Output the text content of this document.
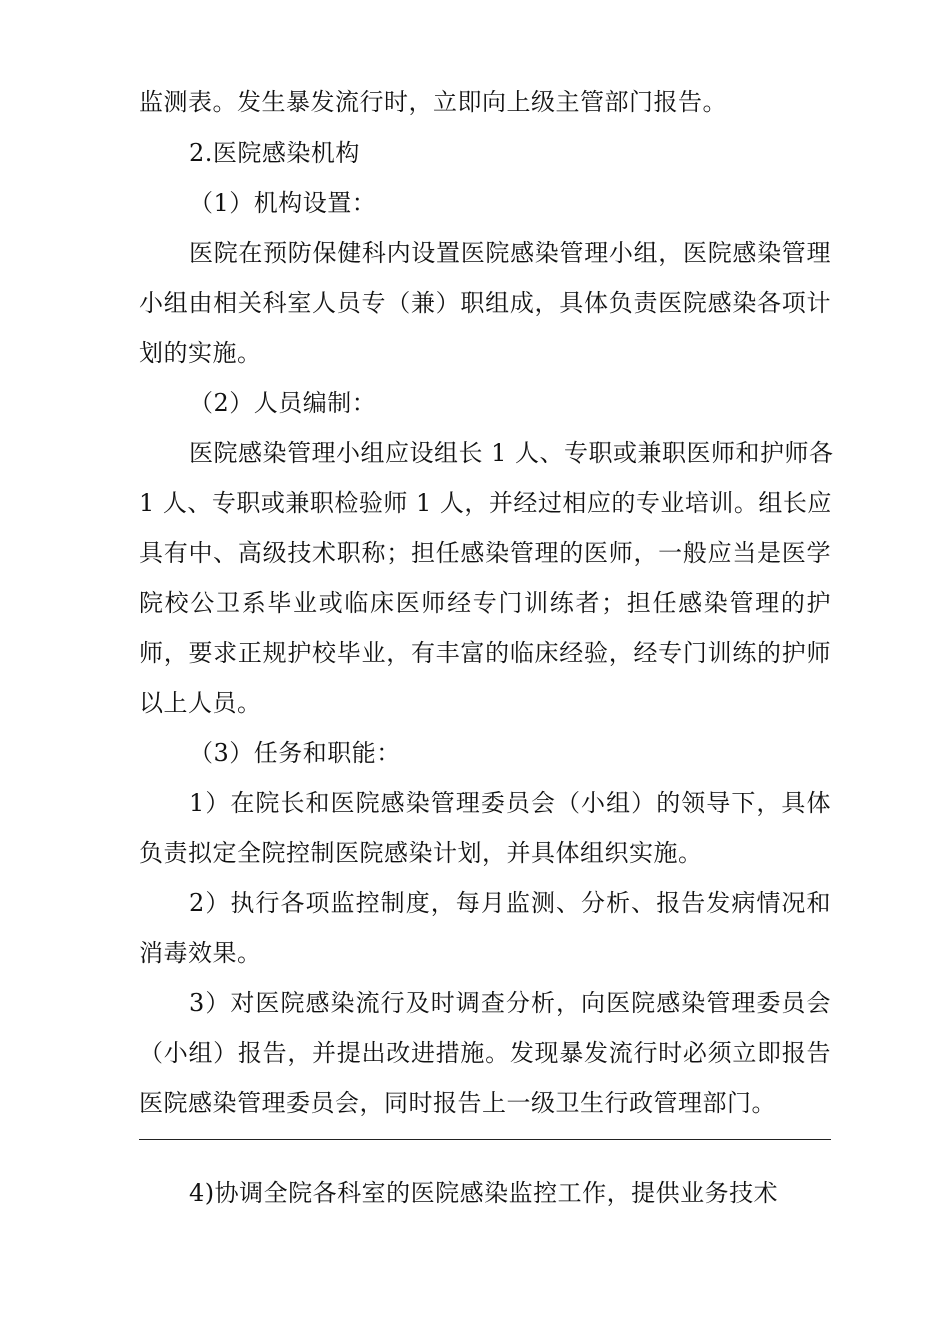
监测表。发生暴发流行时，立即向上级主管部门报告。
2.医院感染机构
（1）机构设置：
医院在预防保健科内设置医院感染管理小组，医院感染管理
小组由相关科室人员专（兼）职组成，具体负责医院感染各项计
划的实施。
（2）人员编制：
医院感染管理小组应设组长 1 人、专职或兼职医师和护师各
1 人、专职或兼职检验师 1 人，并经过相应的专业培训。组长应
具有中、高级技术职称；担任感染管理的医师，一般应当是医学
院校公卫系毕业或临床医师经专门训练者；担任感染管理的护
师，要求正规护校毕业，有丰富的临床经验，经专门训练的护师
以上人员。
（3）任务和职能：
1）在院长和医院感染管理委员会（小组）的领导下，具体
负责拟定全院控制医院感染计划，并具体组织实施。
2）执行各项监控制度，每月监测、分析、报告发病情况和
消毒效果。
3）对医院感染流行及时调查分析，向医院感染管理委员会
（小组）报告，并提出改进措施。发现暴发流行时必须立即报告
医院感染管理委员会，同时报告上一级卫生行政管理部门。
4)协调全院各科室的医院感染监控工作，提供业务技术
